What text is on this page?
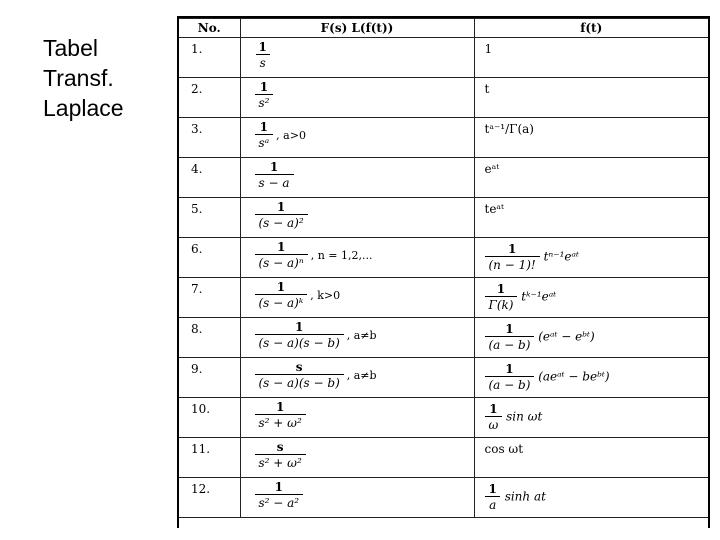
Tabel
Transf.
Laplace
No.	F(s) L(f(t))	f(t)
1.	$\frac{1}{s}$	1
2.	$\frac{1}{\text{s²}}$	t
3.	$\frac{1}{\text{sᵃ}}$ , a>0	tᵃ⁻¹/Γ(a)
4.	$\frac{1}{s - a}$	eᵃᵗ
5.	$\frac{1}{\text{(s − a)²}}$	teᵃᵗ
6.	$\frac{1}{\text{(s − a)ⁿ}}$ , n = 1,2,...	$\frac{1}{(n - 1)!}$ tⁿ⁻¹eᵃᵗ
7.	$\frac{1}{\text{(s − a)ᵏ}}$ , k>0	$\frac{1}{\Gamma(k)}$ tᵏ⁻¹eᵃᵗ
8.	$\frac{1}{(s - a)(s - b)}$ , a≠b	$\frac{1}{(a - b)}$ (eᵃᵗ − eᵇᵗ)
9.	$\frac{s}{(s - a)(s - b)}$ , a≠b	$\frac{1}{(a - b)}$ (aeᵃᵗ − beᵇᵗ)
10.	$\frac{1}{\text{s² + ω²}}$	$\frac{1}{\omega}$ sin ωt
11.	$\frac{s}{\text{s² + ω²}}$	cos ωt
12.	$\frac{1}{\text{s² − a²}}$	$\frac{1}{a}$ sinh at
